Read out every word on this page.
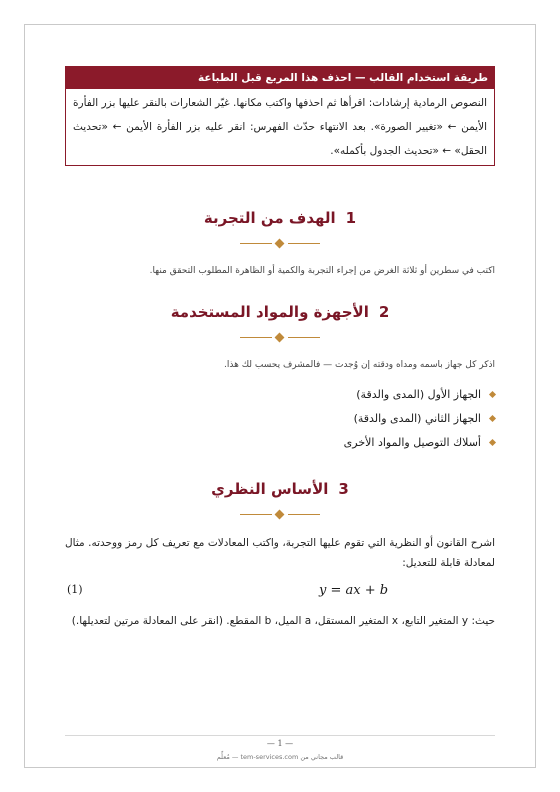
طريقة استخدام القالب — احذف هذا المربع قبل الطباعة
النصوص الرمادية إرشادات: اقرأها ثم احذفها واكتب مكانها. غيّر الشعارات بالنقر عليها بزر الفأرة الأيمن ← «تغيير الصورة». بعد الانتهاء حدّث الفهرس: انقر عليه بزر الفأرة الأيمن ← «تحديث الحقل» ← «تحديث الجدول بأكمله».
1الهدف من التجربة
اكتب في سطرين أو ثلاثة الغرض من إجراء التجربة والكمية أو الظاهرة المطلوب التحقق منها.
2الأجهزة والمواد المستخدمة
اذكر كل جهاز باسمه ومداه ودقته إن وُجدت — فالمشرف يحسب لك هذا.
الجهاز الأول (المدى والدقة)
الجهاز الثاني (المدى والدقة)
أسلاك التوصيل والمواد الأخرى
3الأساس النظري
اشرح القانون أو النظرية التي تقوم عليها التجربة، واكتب المعادلات مع تعريف كل رمز ووحدته. مثال لمعادلة قابلة للتعديل:
(1)	y = ax + b
حيث: y المتغير التابع، x المتغير المستقل، a الميل، b المقطع. (انقر على المعادلة مرتين لتعديلها.)
— 1 —
قالب مجاني من tem-services.com — مُعلِّم
